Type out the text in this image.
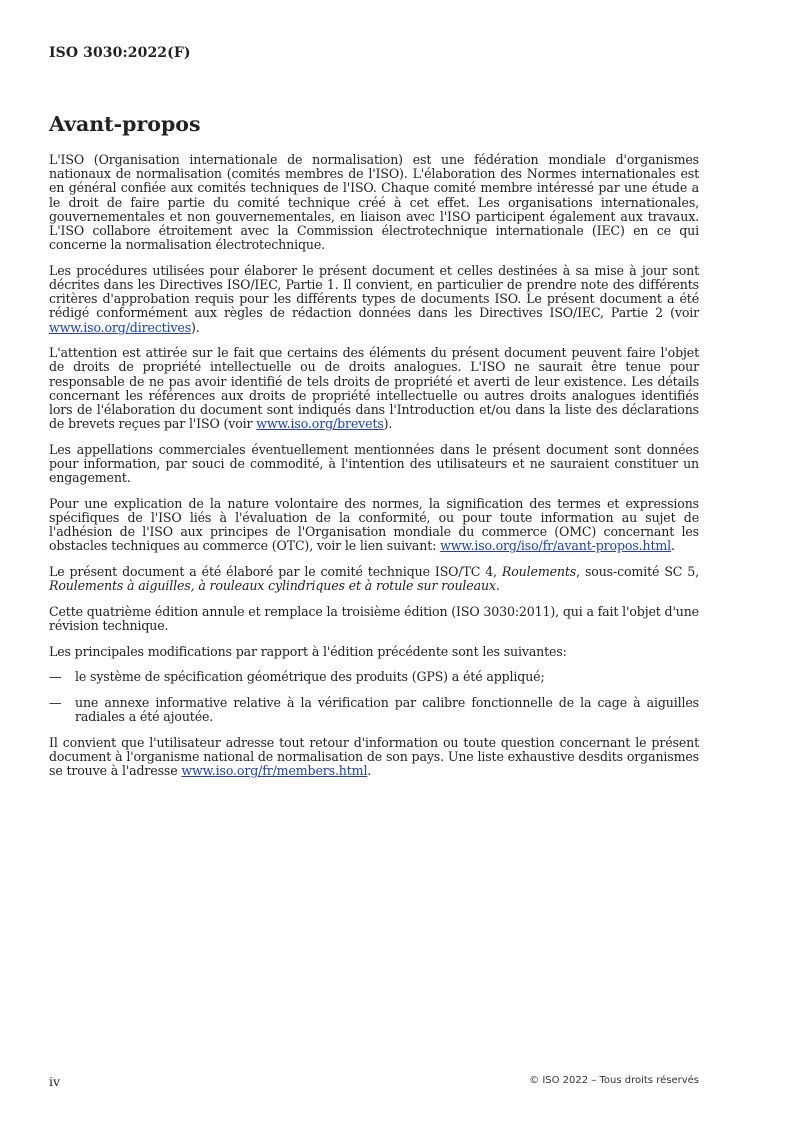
ISO 3030:2022(F)
Avant-propos

L'ISO (Organisation internationale de normalisation) est une fédération mondiale d'organismes nationaux de normalisation (comités membres de l'ISO). L'élaboration des Normes internationales est en général confiée aux comités techniques de l'ISO. Chaque comité membre intéressé par une étude a le droit de faire partie du comité technique créé à cet effet. Les organisations internationales, gouvernementales et non gouvernementales, en liaison avec l'ISO participent également aux travaux. L'ISO collabore étroitement avec la Commission électrotechnique internationale (IEC) en ce qui concerne la normalisation électrotechnique.

Les procédures utilisées pour élaborer le présent document et celles destinées à sa mise à jour sont décrites dans les Directives ISO/IEC, Partie 1. Il convient, en particulier de prendre note des différents critères d'approbation requis pour les différents types de documents ISO. Le présent document a été rédigé conformément aux règles de rédaction données dans les Directives ISO/IEC, Partie 2 (voir www.iso.org/directives).

L'attention est attirée sur le fait que certains des éléments du présent document peuvent faire l'objet de droits de propriété intellectuelle ou de droits analogues. L'ISO ne saurait être tenue pour responsable de ne pas avoir identifié de tels droits de propriété et averti de leur existence. Les détails concernant les références aux droits de propriété intellectuelle ou autres droits analogues identifiés lors de l'élaboration du document sont indiqués dans l'Introduction et/ou dans la liste des déclarations de brevets reçues par l'ISO (voir www.iso.org/brevets).

Les appellations commerciales éventuellement mentionnées dans le présent document sont données pour information, par souci de commodité, à l'intention des utilisateurs et ne sauraient constituer un engagement.

Pour une explication de la nature volontaire des normes, la signification des termes et expressions spécifiques de l'ISO liés à l'évaluation de la conformité, ou pour toute information au sujet de l'adhésion de l'ISO aux principes de l'Organisation mondiale du commerce (OMC) concernant les obstacles techniques au commerce (OTC), voir le lien suivant: www.iso.org/iso/fr/avant-propos.html.

Le présent document a été élaboré par le comité technique ISO/TC 4, Roulements, sous-comité SC 5, Roulements à aiguilles, à rouleaux cylindriques et à rotule sur rouleaux.

Cette quatrième édition annule et remplace la troisième édition (ISO 3030:2011), qui a fait l'objet d'une révision technique.

Les principales modifications par rapport à l'édition précédente sont les suivantes:

—	le système de spécification géométrique des produits (GPS) a été appliqué;
—	une annexe informative relative à la vérification par calibre fonctionnelle de la cage à aiguilles radiales a été ajoutée.

Il convient que l'utilisateur adresse tout retour d'information ou toute question concernant le présent document à l'organisme national de normalisation de son pays. Une liste exhaustive desdits organismes se trouve à l'adresse www.iso.org/fr/members.html.

iv	© ISO 2022 – Tous droits réservés
